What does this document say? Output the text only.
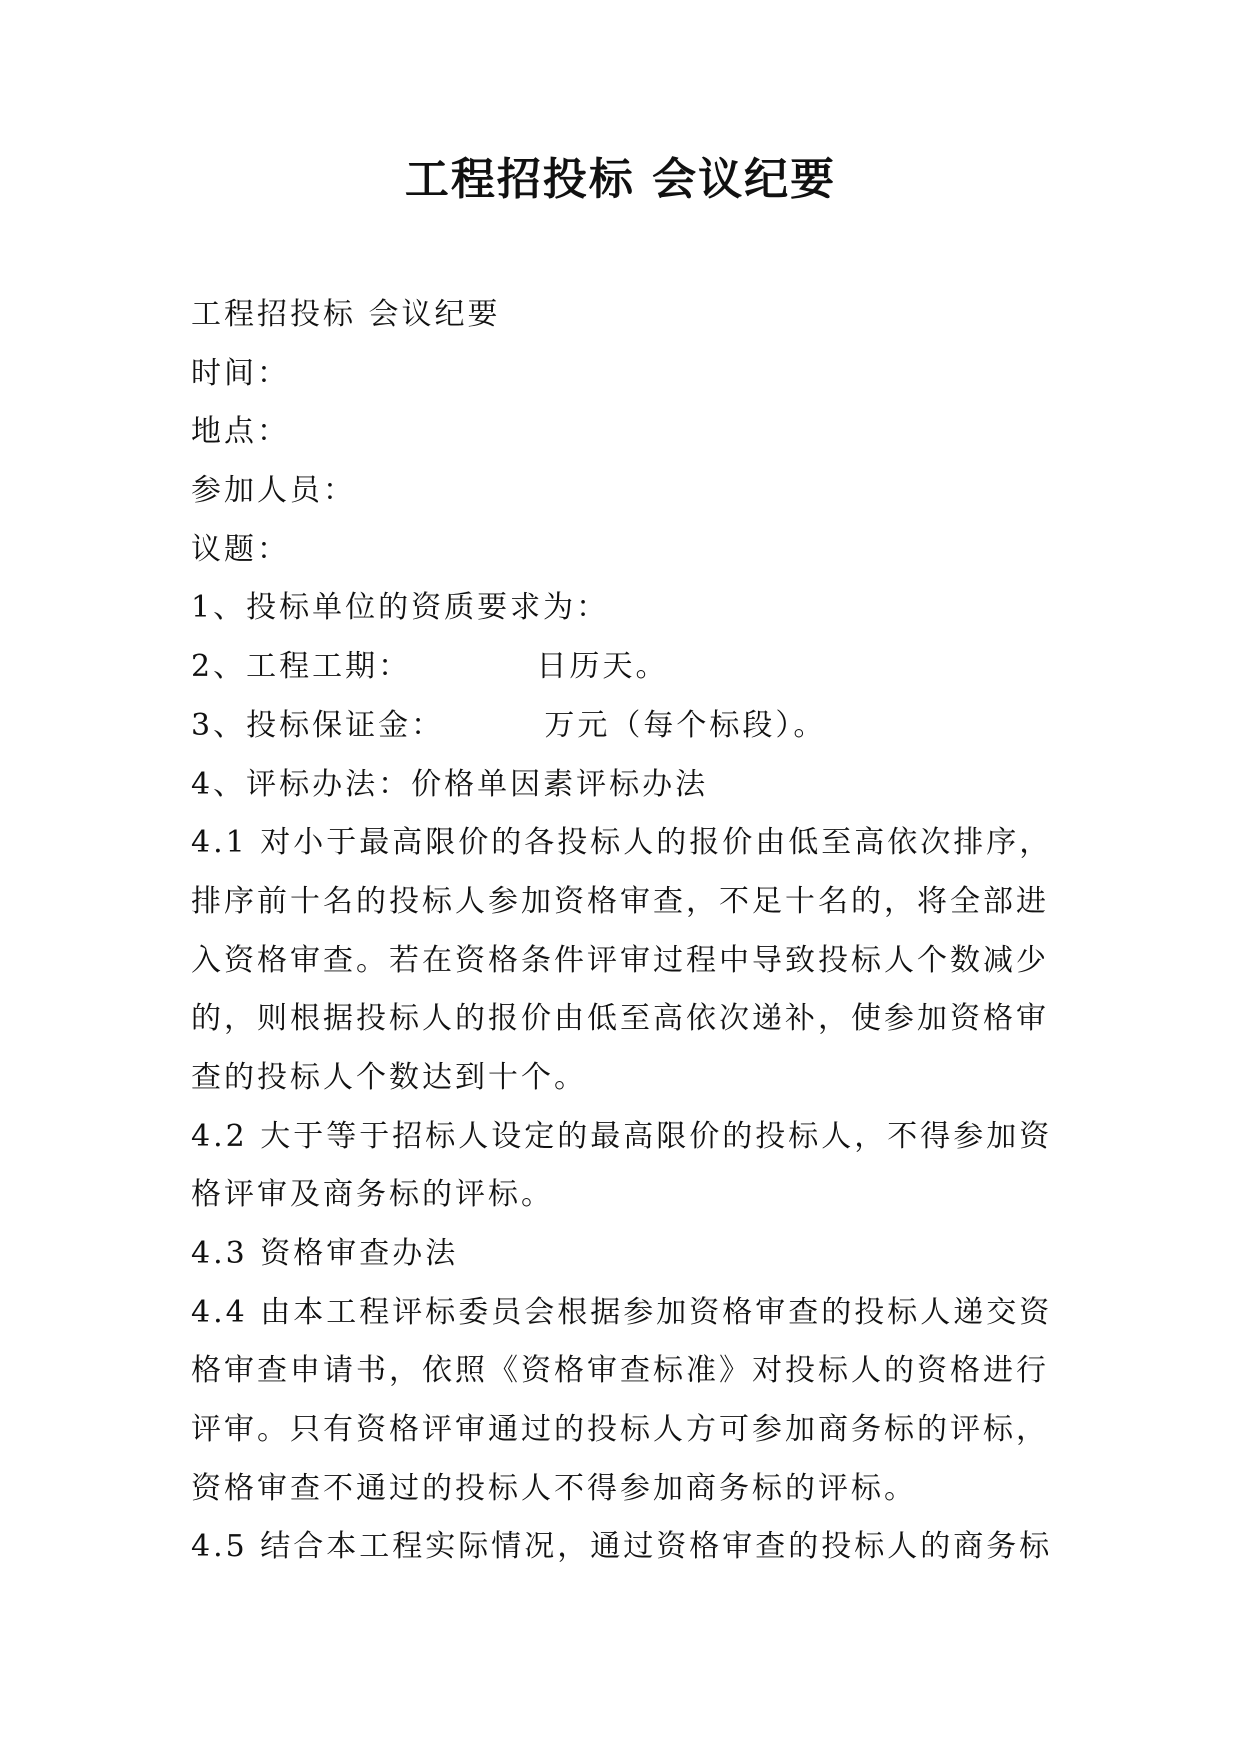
工程招投标 会议纪要
工程招投标 会议纪要
时间：
地点：
参加人员：
议题：
1、投标单位的资质要求为：
2、工程工期：          日历天。
3、投标保证金：        万元（每个标段）。
4、评标办法：价格单因素评标办法
4.1 对小于最高限价的各投标人的报价由低至高依次排序，
排序前十名的投标人参加资格审查，不足十名的，将全部进
入资格审查。若在资格条件评审过程中导致投标人个数减少
的，则根据投标人的报价由低至高依次递补，使参加资格审
查的投标人个数达到十个。
4.2 大于等于招标人设定的最高限价的投标人，不得参加资
格评审及商务标的评标。
4.3 资格审查办法
4.4 由本工程评标委员会根据参加资格审查的投标人递交资
格审查申请书，依照《资格审查标准》对投标人的资格进行
评审。只有资格评审通过的投标人方可参加商务标的评标，
资格审查不通过的投标人不得参加商务标的评标。
4.5 结合本工程实际情况，通过资格审查的投标人的商务标
